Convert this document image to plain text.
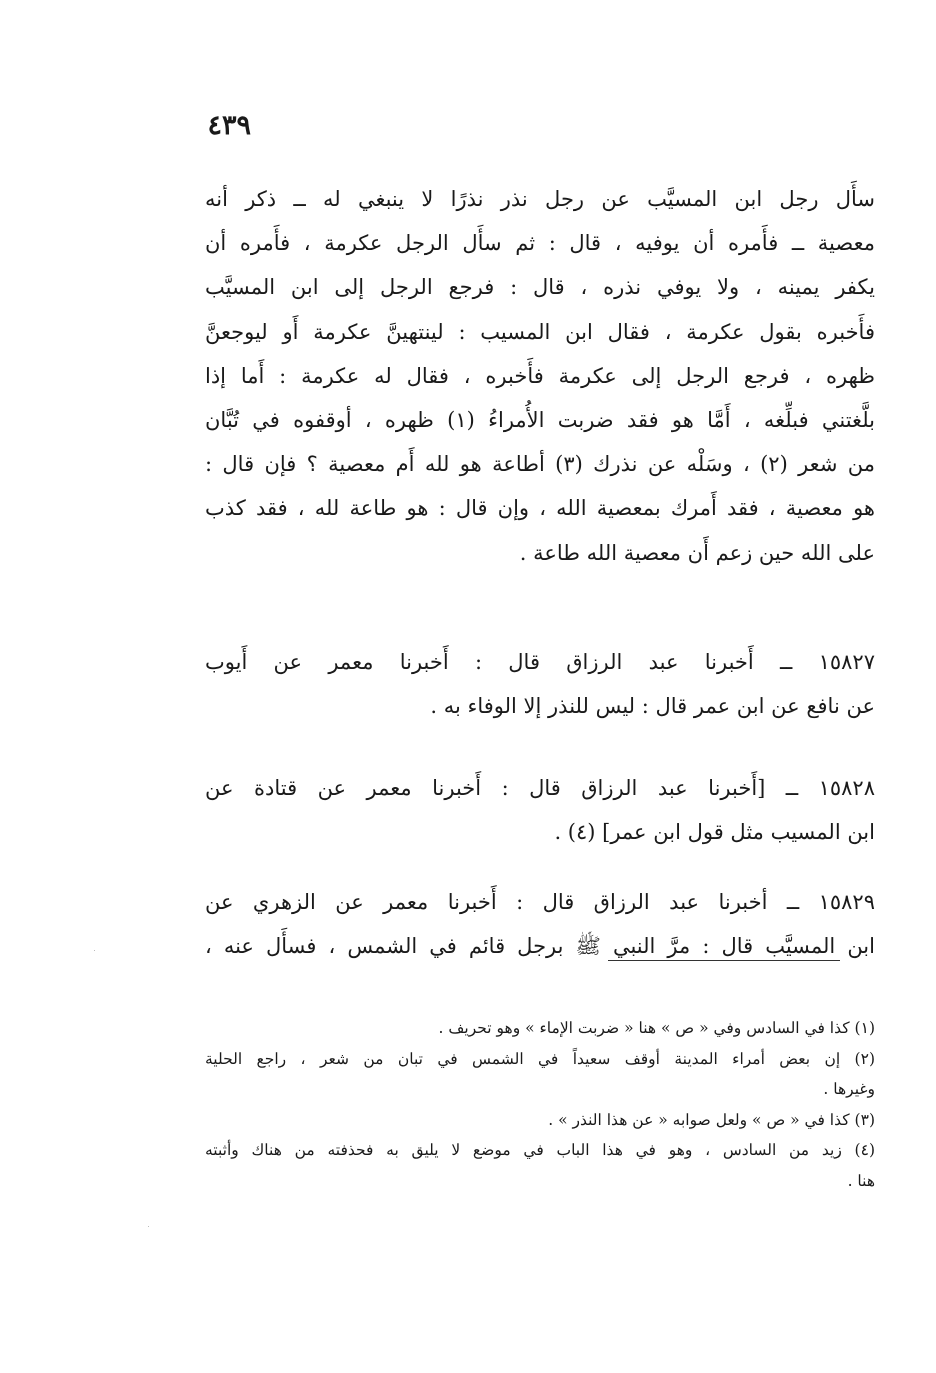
٤٣٩
سأَل رجل ابن المسيَّب عن رجل نذر نذرًا لا ينبغي له ــ ذكر أنه
معصية ــ فأَمره أن يوفيه ، قال : ثم سأَل الرجل عكرمة ، فأَمره أن
يكفر يمينه ، ولا يوفي نذره ، قال : فرجع الرجل إلى ابن المسيَّب
فأَخبره بقول عكرمة ، فقال ابن المسيب : لينتهينَّ عكرمة أَو ليوجعنَّ
ظهره ، فرجع الرجل إلى عكرمة فأَخبره ، فقال له عكرمة : أَما إذا
بلَّغتني فبلِّغه ، أَمَّا هو فقد ضربت الأُمراءُ (١) ظهره ، أوقفوه في تُبَّان
من شعر (٢) ، وسَلْه عن نذرك (٣) أطاعة هو لله أَم معصية ؟ فإن قال :
هو معصية ، فقد أَمرك بمعصية الله ، وإن قال : هو طاعة لله ، فقد كذب
على الله حين زعم أَن معصية الله طاعة .
١٥٨٢٧ ــ أَخبرنا عبد الرزاق قال : أَخبرنا معمر عن أَيوب
عن نافع عن ابن عمر قال : ليس للنذر إلا الوفاء به .
١٥٨٢٨ ــ [أَخبرنا عبد الرزاق قال : أَخبرنا معمر عن قتادة عن
ابن المسيب مثل قول ابن عمر] (٤) .
١٥٨٢٩ ــ أخبرنا عبد الرزاق قال : أَخبرنا معمر عن الزهري عن
ابن المسيَّب قال : مرَّ النبي ﷺ برجل قائم في الشمس ، فسأَل عنه ،
(١) كذا في السادس وفي « ص » هنا « ضربت الإماء » وهو تحريف .
(٢) إن بعض أمراء المدينة أوقف سعيداً في الشمس في تبان من شعر ، راجع الحلية
وغيرها .
(٣) كذا في « ص » ولعل صوابه « عن هذا النذر » .
(٤) زيد من السادس ، وهو في هذا الباب في موضع لا يليق به فحذفته من هناك وأثبته
هنا .
